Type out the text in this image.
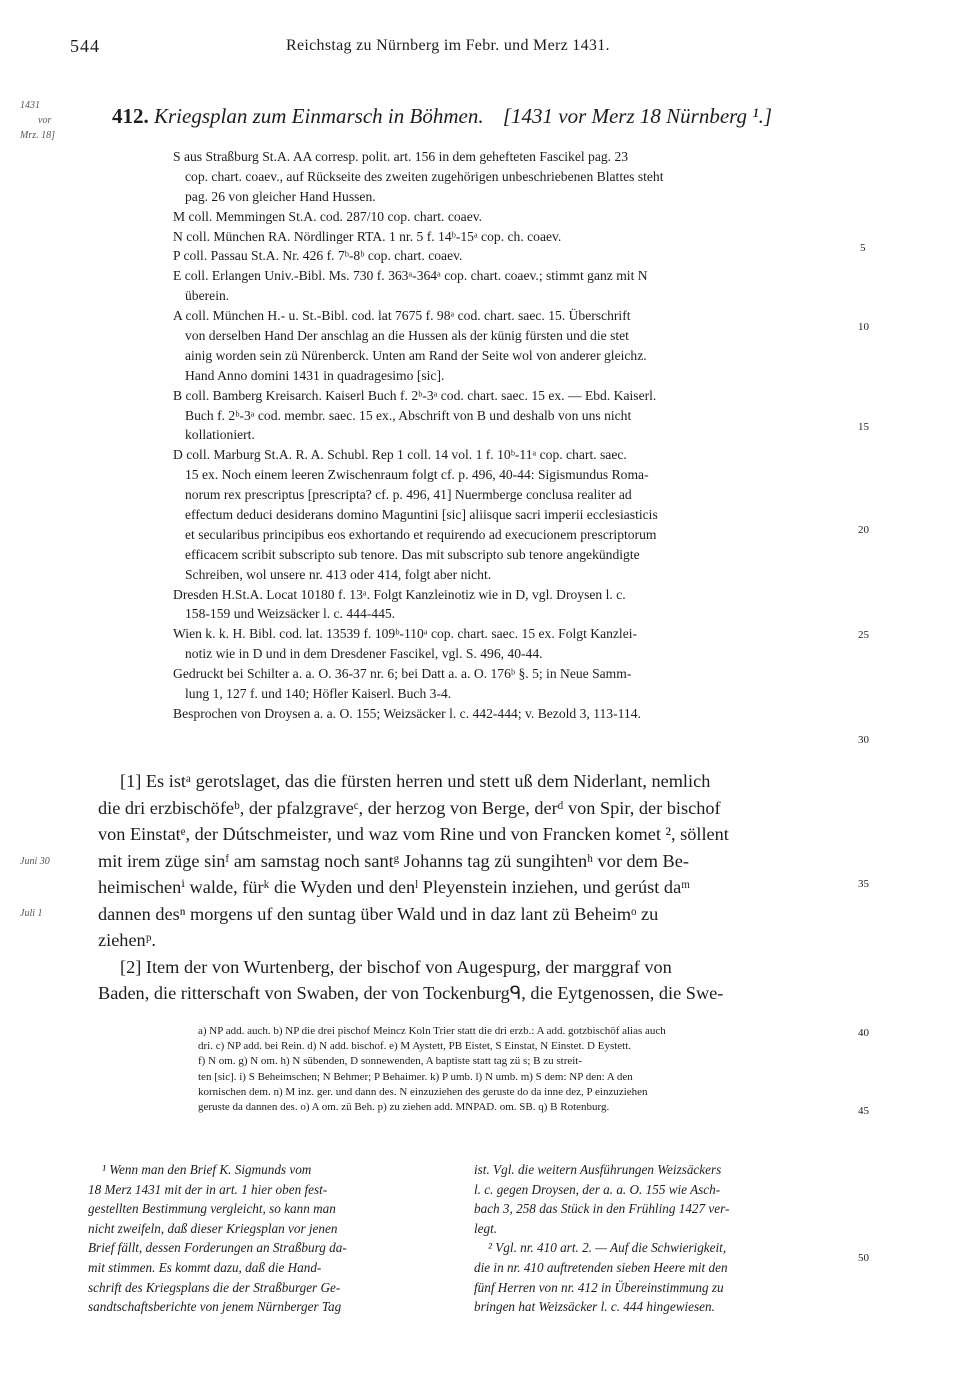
544	Reichstag zu Nürnberg im Febr. und Merz 1431.
1431
vor
Mrz. 18]
Juni 30
Juli 1
412. Kriegsplan zum Einmarsch in Böhmen. [1431 vor Merz 18 Nürnberg ¹.]
S aus Straßburg St.A. AA corresp. polit. art. 156 in dem gehefteten Fascikel pag. 23
cop. chart. coaev., auf Rückseite des zweiten zugehörigen unbeschriebenen Blattes steht
pag. 26 von gleicher Hand Hussen.
M coll. Memmingen St.A. cod. 287/10 cop. chart. coaev.
N coll. München RA. Nördlinger RTA. 1 nr. 5 f. 14ᵇ-15ᵃ cop. ch. coaev.
P coll. Passau St.A. Nr. 426 f. 7ᵇ-8ᵇ cop. chart. coaev.
E coll. Erlangen Univ.-Bibl. Ms. 730 f. 363ᵃ-364ᵃ cop. chart. coaev.; stimmt ganz mit N
überein.
A coll. München H.- u. St.-Bibl. cod. lat 7675 f. 98ᵃ cod. chart. saec. 15. Überschrift
von derselben Hand Der anschlag an die Hussen als der künig fürsten und die stet
ainig worden sein zü Nürenberck. Unten am Rand der Seite wol von anderer gleichz.
Hand Anno domini 1431 in quadragesimo [sic].
B coll. Bamberg Kreisarch. Kaiserl Buch f. 2ᵇ-3ᵃ cod. chart. saec. 15 ex. — Ebd. Kaiserl.
Buch f. 2ᵇ-3ᵃ cod. membr. saec. 15 ex., Abschrift von B und deshalb von uns nicht
kollationiert.
D coll. Marburg St.A. R. A. Schubl. Rep 1 coll. 14 vol. 1 f. 10ᵇ-11ᵃ cop. chart. saec.
15 ex. Noch einem leeren Zwischenraum folgt cf. p. 496, 40-44: Sigismundus Roma-
norum rex prescriptus [prescripta? cf. p. 496, 41] Nuermberge conclusa realiter ad
effectum deduci desiderans domino Maguntini [sic] aliisque sacri imperii ecclesiasticis
et secularibus principibus eos exhortando et requirendo ad execucionem prescriptorum
efficacem scribit subscripto sub tenore. Das mit subscripto sub tenore angekündigte
Schreiben, wol unsere nr. 413 oder 414, folgt aber nicht.
Dresden H.St.A. Locat 10180 f. 13ᵃ. Folgt Kanzleinotiz wie in D, vgl. Droysen l. c.
158-159 und Weizsäcker l. c. 444-445.
Wien k. k. H. Bibl. cod. lat. 13539 f. 109ᵇ-110ᵃ cop. chart. saec. 15 ex. Folgt Kanzlei-
notiz wie in D und in dem Dresdener Fascikel, vgl. S. 496, 40-44.
Gedruckt bei Schilter a. a. O. 36-37 nr. 6; bei Datt a. a. O. 176ᵇ §. 5; in Neue Samm-
lung 1, 127 f. und 140; Höfler Kaiserl. Buch 3-4.
Besprochen von Droysen a. a. O. 155; Weizsäcker l. c. 442-444; v. Bezold 3, 113-114.
[1] Es istᵃ gerotslaget, das die fürsten herren und stett uß dem Niderlant, nemlich
die dri erzbischöfeᵇ, der pfalzgraveᶜ, der herzog von Berge, derᵈ von Spir, der bischof
von Einstatᵉ, der Dútschmeister, und waz vom Rine und von Francken komet ², söllent
mit irem züge sinᶠ am samstag noch santᵍ Johanns tag zü sungihtenʰ vor dem Be-
heimischenⁱ walde, fürᵏ die Wyden und denˡ Pleyenstein inziehen, und gerúst daᵐ
dannen desⁿ morgens uf den suntag über Wald und in daz lant zü Beheimᵒ zu
ziehenᵖ.
[2] Item der von Wurtenberg, der bischof von Augespurg, der marggraf von
Baden, die ritterschaft von Swaben, der von Tockenburgᑫ, die Eytgenossen, die Swe-
a) NP add. auch. b) NP die drei pischof Meincz Koln Trier statt die dri erzb.: A add. gotzbischöf alias auch
dri. c) NP add. bei Rein. d) N add. bischof. e) M Aystett, PB Eistet, S Einstat, N Einstet. D Eystett.
f) N om. g) N om. h) N sübenden, D sonnewenden, A baptiste statt tag zü s; B zu streit-
ten [sic]. i) S Beheimschen; N Behmer; P Behaimer. k) P umb. l) N umb. m) S dem: NP den: A den
kornischen dem. n) M inz. ger. und dann des. N einzuziehen des geruste do da inne dez, P einzuziehen
geruste da dannen des. o) A om. zü Beh. p) zu ziehen add. MNPAD. om. SB. q) B Rotenburg.
¹ Wenn man den Brief K. Sigmunds vom
18 Merz 1431 mit der in art. 1 hier oben fest-
gestellten Bestimmung vergleicht, so kann man
nicht zweifeln, daß dieser Kriegsplan vor jenen
Brief fällt, dessen Forderungen an Straßburg da-
mit stimmen. Es kommt dazu, daß die Hand-
schrift des Kriegsplans die der Straßburger Ge-
sandtschaftsberichte von jenem Nürnberger Tag
ist. Vgl. die weitern Ausführungen Weizsäckers
l. c. gegen Droysen, der a. a. O. 155 wie Asch-
bach 3, 258 das Stück in den Frühling 1427 ver-
legt.
² Vgl. nr. 410 art. 2. — Auf die Schwierigkeit,
die in nr. 410 auftretenden sieben Heere mit den
fünf Herren von nr. 412 in Übereinstimmung zu
bringen hat Weizsäcker l. c. 444 hingewiesen.
5
10
15
20
25
30
35
40
45
50
